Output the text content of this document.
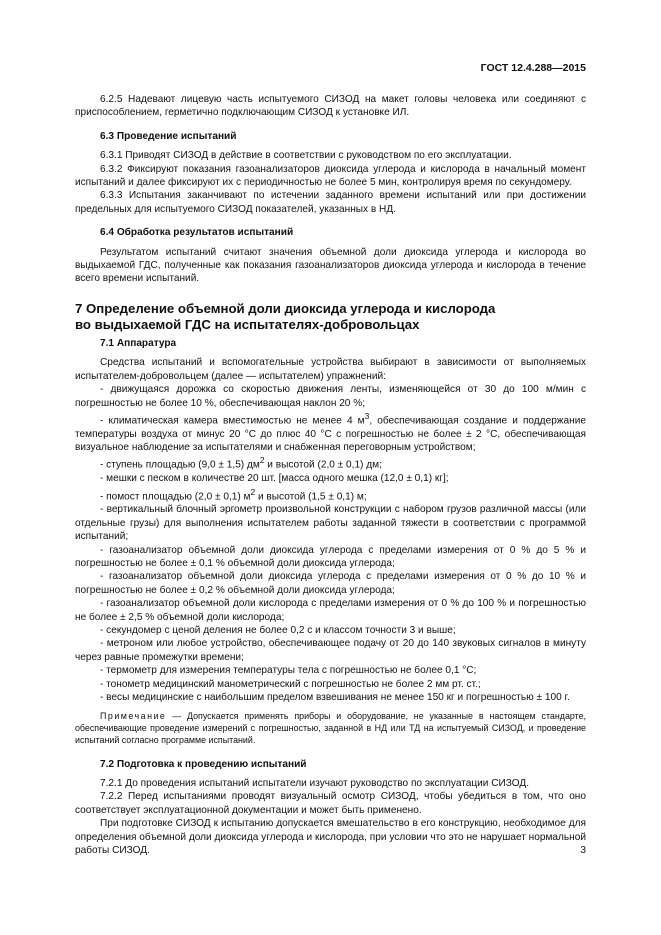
ГОСТ 12.4.288—2015

6.2.5 Надевают лицевую часть испытуемого СИЗОД на макет головы человека или соединяют с приспособлением, герметично подключающим СИЗОД к установке ИЛ.

6.3 Проведение испытаний

6.3.1 Приводят СИЗОД в действие в соответствии с руководством по его эксплуатации.

6.3.2 Фиксируют показания газоанализаторов диоксида углерода и кислорода в начальный момент испытаний и далее фиксируют их с периодичностью не более 5 мин, контролируя время по секундомеру.

6.3.3 Испытания заканчивают по истечении заданного времени испытаний или при достижении предельных для испытуемого СИЗОД показателей, указанных в НД.

6.4 Обработка результатов испытаний

Результатом испытаний считают значения объемной доли диоксида углерода и кислорода во выдыхаемой ГДС, полученные как показания газоанализаторов диоксида углерода и кислорода в течение всего времени испытаний.

7 Определение объемной доли диоксида углерода и кислорода
во выдыхаемой ГДС на испытателях-добровольцах

7.1 Аппаратура

Средства испытаний и вспомогательные устройства выбирают в зависимости от выполняемых испытателем-добровольцем (далее — испытателем) упражнений:

- движущаяся дорожка со скоростью движения ленты, изменяющейся от 30 до 100 м/мин с погрешностью не более 10 %, обеспечивающая наклон 20 %;

- климатическая камера вместимостью не менее 4 $м^3$, обеспечивающая создание и поддержание температуры воздуха от минус 20 °С до плюс 40 °С с погрешностью не более ± 2 °С, обеспечивающая визуальное наблюдение за испытателями и снабженная переговорным устройством;

- ступень площадью (9,0 ± 1,5) $дм^2$ и высотой (2,0 ± 0,1) дм;

- мешки с песком в количестве 20 шт. [масса одного мешка (12,0 ± 0,1) кг];

- помост площадью (2,0 ± 0,1) $м^2$ и высотой (1,5 ± 0,1) м;

- вертикальный блочный эргометр произвольной конструкции с набором грузов различной массы (или отдельные грузы) для выполнения испытателем работы заданной тяжести в соответствии с программой испытаний;

- газоанализатор объемной доли диоксида углерода с пределами измерения от 0 % до 5 % и погрешностью не более ± 0,1 % объемной доли диоксида углерода;

- газоанализатор объемной доли диоксида углерода с пределами измерения от 0 % до 10 % и погрешностью не более ± 0,2 % объемной доли диоксида углерода;

- газоанализатор объемной доли кислорода с пределами измерения от 0 % до 100 % и погрешностью не более ± 2,5 % объемной доли кислорода;

- секундомер с ценой деления не более 0,2 с и классом точности 3 и выше;

- метроном или любое устройство, обеспечивающее подачу от 20 до 140 звуковых сигналов в минуту через равные промежутки времени;

- термометр для измерения температуры тела с погрешностью не более 0,1 °С;

- тонометр медицинский манометрический с погрешностью не более 2 мм рт. ст.;

- весы медицинские с наибольшим пределом взвешивания не менее 150 кг и погрешностью ± 100 г.

Примечание — Допускается применять приборы и оборудование, не указанные в настоящем стандарте, обеспечивающие проведение измерений с погрешностью, заданной в НД или ТД на испытуемый СИЗОД, и проведение испытаний согласно программе испытаний.

7.2 Подготовка к проведению испытаний

7.2.1 До проведения испытаний испытатели изучают руководство по эксплуатации СИЗОД.

7.2.2 Перед испытаниями проводят визуальный осмотр СИЗОД, чтобы убедиться в том, что оно соответствует эксплуатационной документации и может быть применено.

При подготовке СИЗОД к испытанию допускается вмешательство в его конструкцию, необходимое для определения объемной доли диоксида углерода и кислорода, при условии что это не нарушает нормальной работы СИЗОД.	3
